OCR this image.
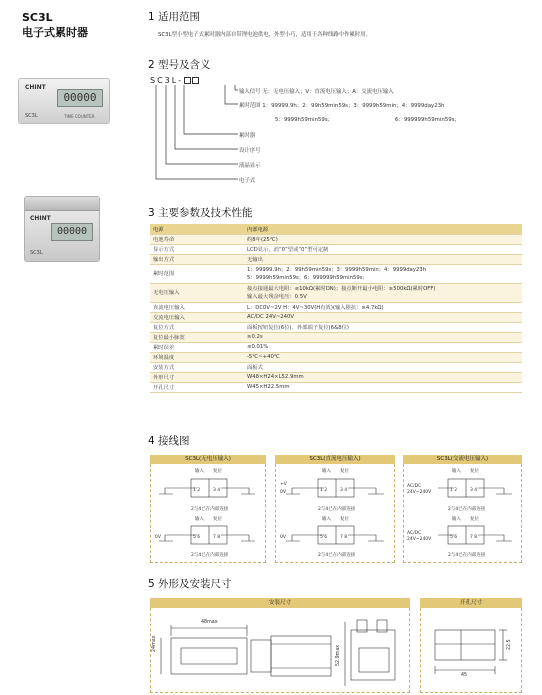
SC3L
电子式累时器
CHINT
00000
SC3L	TIME COUNTER
CHINT
00000
SC3L
1 适用范围
SC3L型小型电子式累时器内部自带锂电池供电，外型小巧，适用于各种线路中作累时用。
2 型号及含义
SC3L-
输入信号 无：无电压输入；V：直流电压输入；A：交流电压输入
累时范围 1：99999.9h；2：99h59min59s；3：9999h59min；4：9999day23h
5：9999h59min59s；	6：999999h59min59s；
累时器
设计序号
液晶显示
电子式
3 主要参数及技术性能
电源	内部电源
电池寿命	约8年(25℃)
显示方式	LCD显示，消“0”型或“0”型可定制
输出方式	无输出
累时范围	1：99999.9h；2：99h59min59s；3：9999h59min；4：9999day23h
5：9999h59min59s；6：999999h59min59s；

无电压输入	接点接通最大电阻：≤10kΩ(累时ON)；接点断开最小电阻：≥500kΩ(累时OFF)
输入最大残余电压：0.5V

直流电压输入	L：DC0V~2V H：4V~30V(H有效)(输入阻抗：≥4.7kΩ)
交流电压输入	AC/DC 24V~240V
复位方式	面板按钮复位(6位)、外部端子复位(6&8位)
复位最小脉宽	≥0.2s
累时误差	≤0.01%
环境温度	-5℃~+40℃
安装方式	面板式
外形尺寸	W48×H24×L52.9mm
开孔尺寸	W45×H22.5mm
4 接线图
SC3L(无电压输入)
输入 复位
1 2	3 4
2与4已在内部连接
输入 复位
5 6	7 8
0V
2与4已在内部连接
SC3L(直流电压输入)
输入 复位
+V
0V	1 2	3 4
2与4已在内部连接
输入 复位
0V	5 6	7 8
2与4已在内部连接
SC3L(交流电压输入)
输入 复位
AC/DC 24V~240V	1 2	3 4
2与4已在内部连接
输入 复位
AC/DC 24V~240V	5 6	7 8
2与4已在内部连接
5 外形及安装尺寸
安装尺寸
48max
24max
52.9max
开孔尺寸
45
22.5
